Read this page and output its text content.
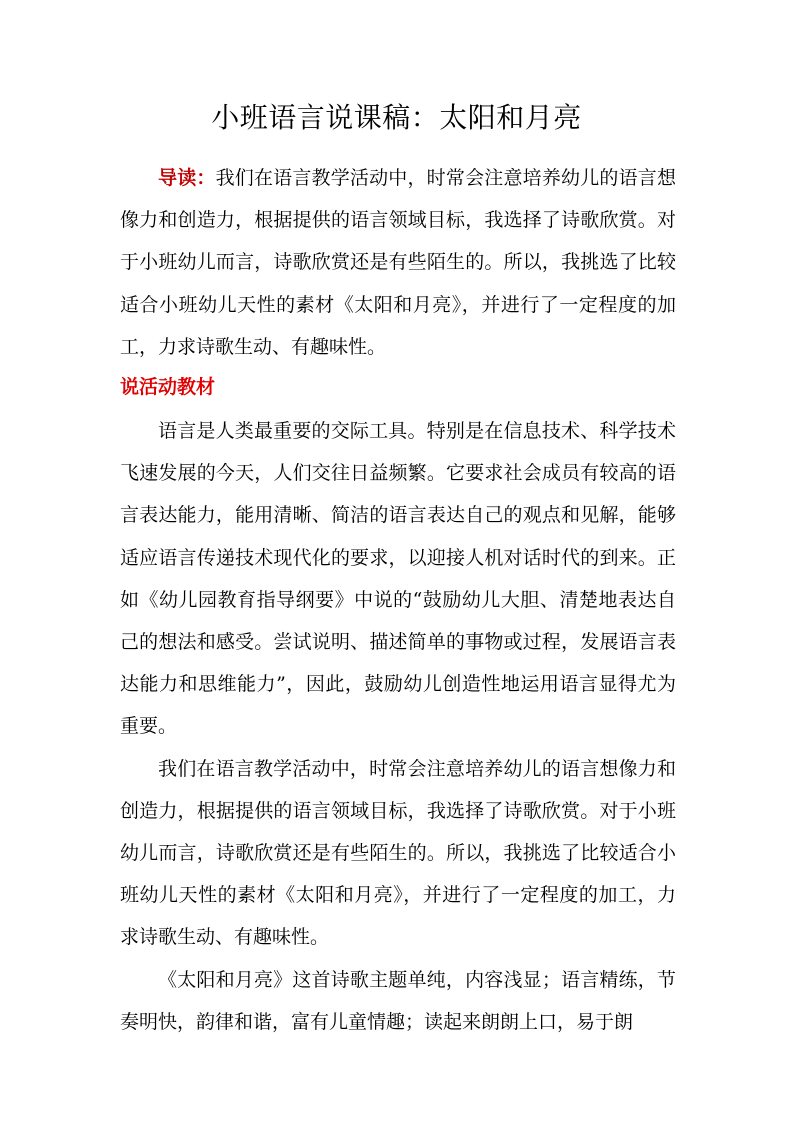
小班语言说课稿：太阳和月亮

导读：我们在语言教学活动中，时常会注意培养幼儿的语言想像力和创造力，根据提供的语言领域目标，我选择了诗歌欣赏。对于小班幼儿而言，诗歌欣赏还是有些陌生的。所以，我挑选了比较适合小班幼儿天性的素材《太阳和月亮》，并进行了一定程度的加工，力求诗歌生动、有趣味性。

说活动教材

语言是人类最重要的交际工具。特别是在信息技术、科学技术飞速发展的今天，人们交往日益频繁。它要求社会成员有较高的语言表达能力，能用清晰、简洁的语言表达自己的观点和见解，能够适应语言传递技术现代化的要求，以迎接人机对话时代的到来。正如《幼儿园教育指导纲要》中说的“鼓励幼儿大胆、清楚地表达自己的想法和感受。尝试说明、描述简单的事物或过程，发展语言表达能力和思维能力”，因此，鼓励幼儿创造性地运用语言显得尤为重要。

我们在语言教学活动中，时常会注意培养幼儿的语言想像力和创造力，根据提供的语言领域目标，我选择了诗歌欣赏。对于小班幼儿而言，诗歌欣赏还是有些陌生的。所以，我挑选了比较适合小班幼儿天性的素材《太阳和月亮》，并进行了一定程度的加工，力求诗歌生动、有趣味性。

《太阳和月亮》这首诗歌主题单纯，内容浅显；语言精练，节奏明快，韵律和谐，富有儿童情趣；读起来朗朗上口，易于朗
